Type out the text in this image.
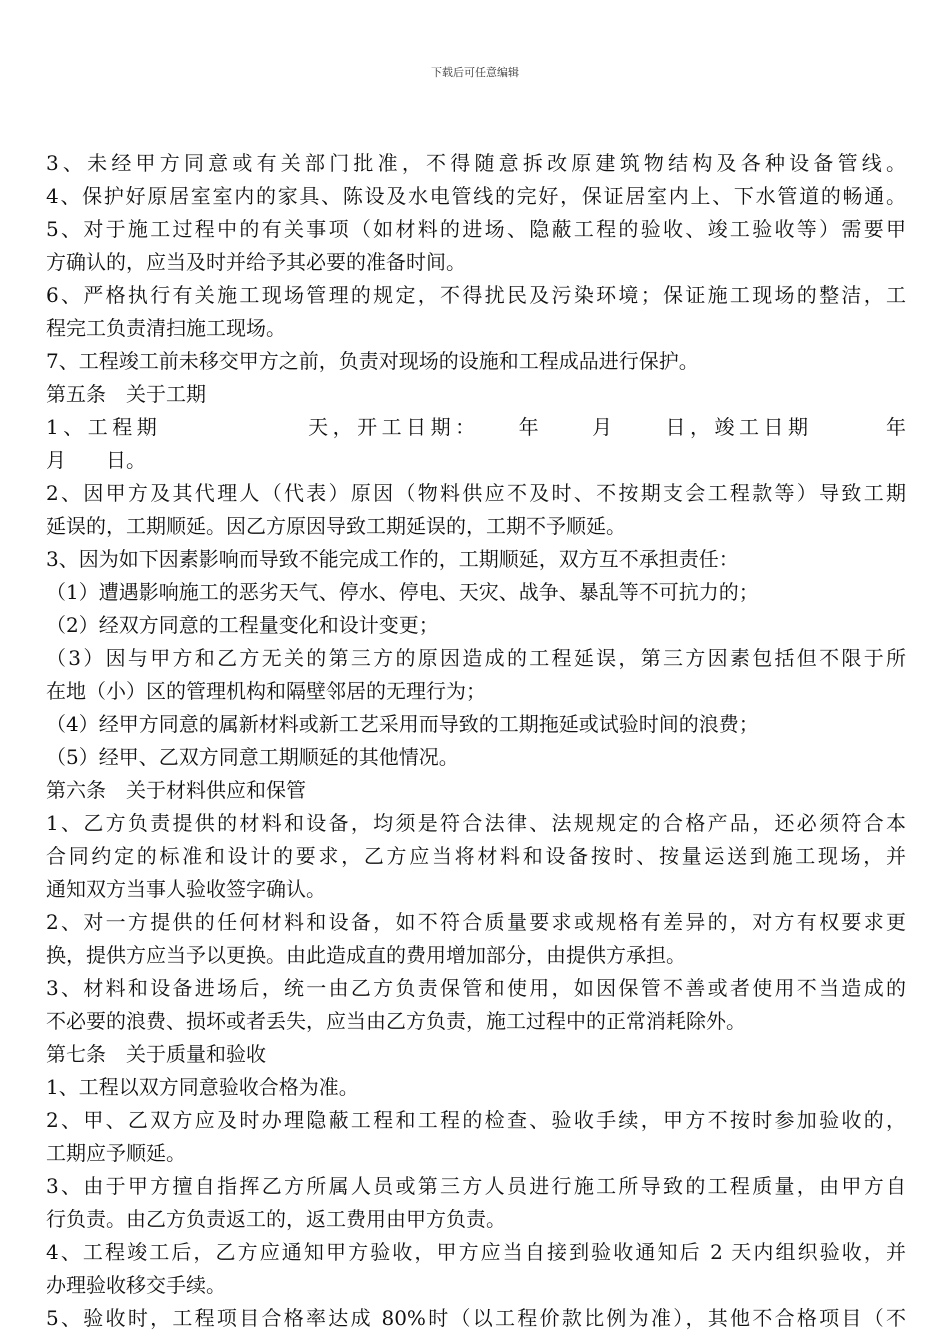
下载后可任意编辑
3、未经甲方同意或有关部门批准，不得随意拆改原建筑物结构及各种设备管线。
4、保护好原居室室内的家具、陈设及水电管线的完好，保证居室内上、下水管道的畅通。
5、对于施工过程中的有关事项（如材料的进场、隐蔽工程的验收、竣工验收等）需要甲
方确认的，应当及时并给予其必要的准备时间。
6、严格执行有关施工现场管理的规定，不得扰民及污染环境；保证施工现场的整洁，工
程完工负责清扫施工现场。
7、工程竣工前未移交甲方之前，负责对现场的设施和工程成品进行保护。
第五条　关于工期
1、工程期　　　　　　天，开工日期：　　年　　月　　日，竣工日期　　　年
月　　日。
2、因甲方及其代理人（代表）原因（物料供应不及时、不按期支会工程款等）导致工期
延误的，工期顺延。因乙方原因导致工期延误的，工期不予顺延。
3、因为如下因素影响而导致不能完成工作的，工期顺延，双方互不承担责任：
（1）遭遇影响施工的恶劣天气、停水、停电、天灾、战争、暴乱等不可抗力的；
（2）经双方同意的工程量变化和设计变更；
（3）因与甲方和乙方无关的第三方的原因造成的工程延误，第三方因素包括但不限于所
在地（小）区的管理机构和隔壁邻居的无理行为；
（4）经甲方同意的属新材料或新工艺采用而导致的工期拖延或试验时间的浪费；
（5）经甲、乙双方同意工期顺延的其他情况。
第六条　关于材料供应和保管
1、乙方负责提供的材料和设备，均须是符合法律、法规规定的合格产品，还必须符合本
合同约定的标准和设计的要求，乙方应当将材料和设备按时、按量运送到施工现场，并
通知双方当事人验收签字确认。
2、对一方提供的任何材料和设备，如不符合质量要求或规格有差异的，对方有权要求更
换，提供方应当予以更换。由此造成直的费用增加部分，由提供方承担。
3、材料和设备进场后，统一由乙方负责保管和使用，如因保管不善或者使用不当造成的
不必要的浪费、损坏或者丢失，应当由乙方负责，施工过程中的正常消耗除外。
第七条　关于质量和验收
1、工程以双方同意验收合格为准。
2、甲、乙双方应及时办理隐蔽工程和工程的检查、验收手续，甲方不按时参加验收的，
工期应予顺延。
3、由于甲方擅自指挥乙方所属人员或第三方人员进行施工所导致的工程质量，由甲方自
行负责。由乙方负责返工的，返工费用由甲方负责。
4、工程竣工后，乙方应通知甲方验收，甲方应当自接到验收通知后 2 天内组织验收，并
办理验收移交手续。
5、验收时，工程项目合格率达成 80%时（以工程价款比例为准），其他不合格项目（不
